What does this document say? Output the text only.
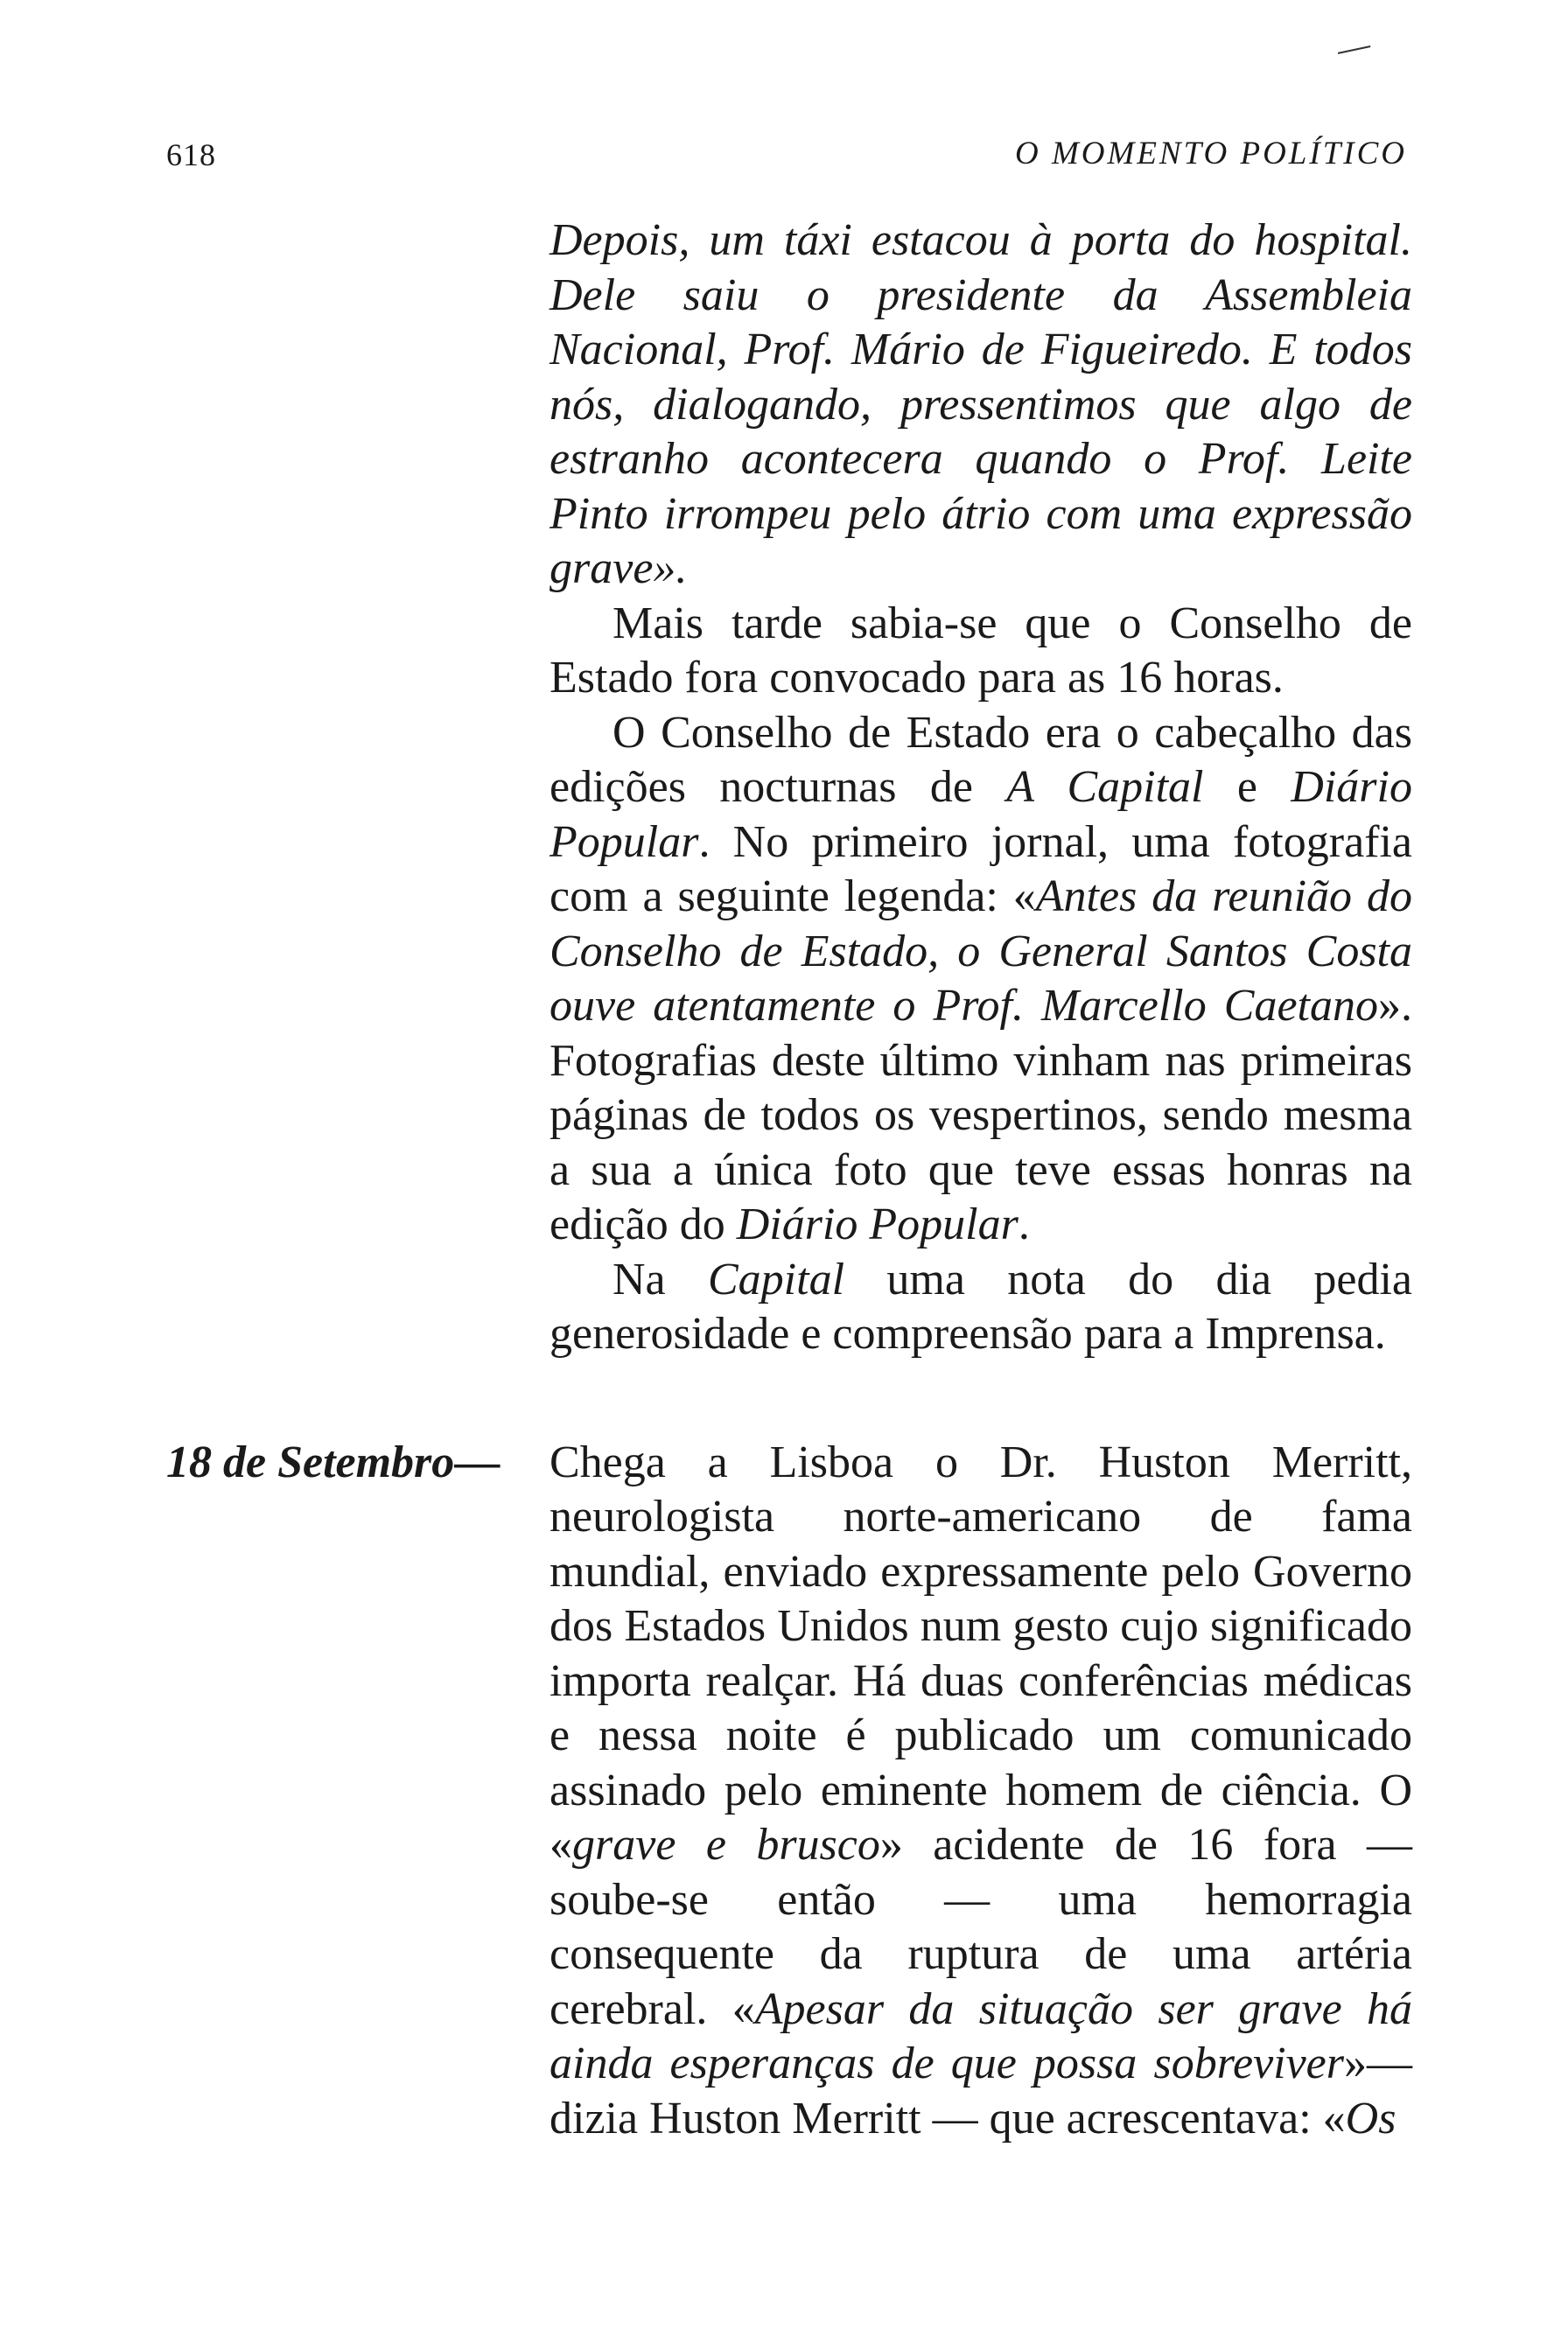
618	O MOMENTO POLÍTICO

Depois, um táxi estacou à porta do hospital. Dele saiu o presidente da Assembleia Nacional, Prof. Mário de Figueiredo. E todos nós, dialogando, pressentimos que algo de estranho acontecera quando o Prof. Leite Pinto irrompeu pelo átrio com uma expressão grave».

Mais tarde sabia-se que o Conselho de Estado fora convocado para as 16 horas.

O Conselho de Estado era o cabeçalho das edições nocturnas de A Capital e Diário Popular. No primeiro jornal, uma fotografia com a seguinte legenda: «Antes da reunião do Conselho de Estado, o General Santos Costa ouve atentamente o Prof. Marcello Caetano». Fotografias deste último vinham nas primeiras páginas de todos os vespertinos, sendo mesma a sua a única foto que teve essas honras na edição do Diário Popular.

Na Capital uma nota do dia pedia generosidade e compreensão para a Imprensa.

18 de Setembro— Chega a Lisboa o Dr. Huston Merritt, neurologista norte-americano de fama mundial, enviado expressamente pelo Governo dos Estados Unidos num gesto cujo significado importa realçar. Há duas conferências médicas e nessa noite é publicado um comunicado assinado pelo eminente homem de ciência. O «grave e brusco» acidente de 16 fora — soube-se então — uma hemorragia consequente da ruptura de uma artéria cerebral. «Apesar da situação ser grave há ainda esperanças de que possa sobreviver»—dizia Huston Merritt — que acrescentava: «Os
